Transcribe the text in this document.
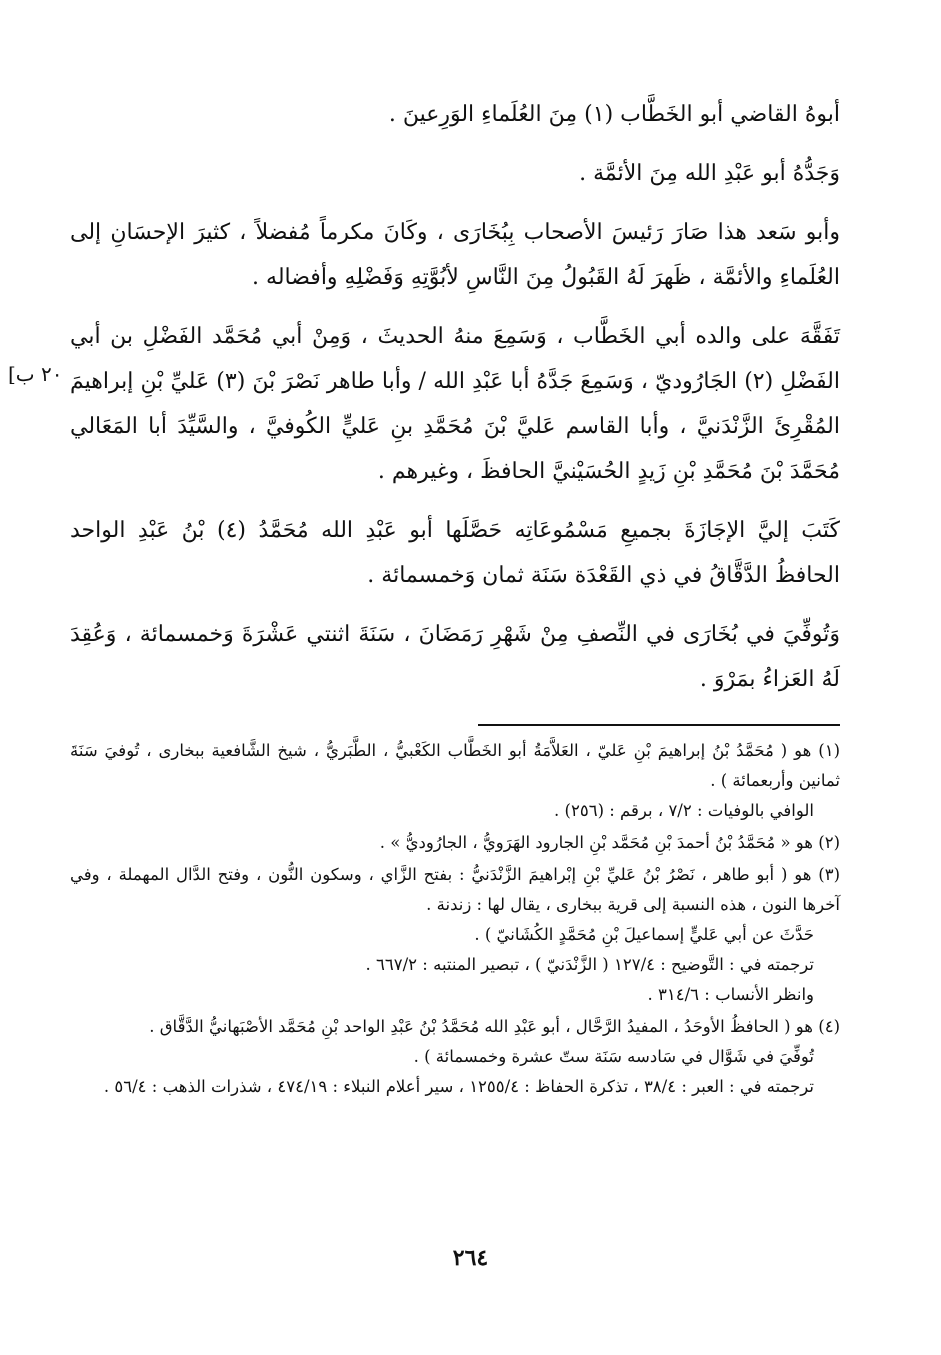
أبوهُ القاضي أبو الخَطَّاب (١) مِنَ العُلَماءِ الوَرِعينَ .

وَجَدُّهُ أبو عَبْدِ الله مِنَ الأئمَّة .

وأبو سَعد هذا صَارَ رَئيسَ الأصحاب بِبُخَارَى ، وكَانَ مكرماً مُفضلاً ، كثيرَ الإحسَانِ إلى العُلَماءِ والأئمَّة ، ظَهرَ لَهُ القَبُولُ مِنَ النَّاسِ لأبُوَّتِهِ وَفَضْلِهِ وأفضاله .

تَفَقَّهَ على والده أبي الخَطَّاب ، وَسَمِعَ منهُ الحديثَ ، وَمِنْ أبي مُحَمَّد الفَضْلِ بن أبي الفَضْلِ (٢) الجَارُوديّ ، وَسَمِعَ جَدَّهُ أبا عَبْدِ الله / وأبا طاهر نَصْرَ بْنَ (٣) عَليِّ بْنِ إبراهيمَ المُقْرِئَ الزَّنْدَنيَّ ، وأبا القاسم عَليَّ بْنَ مُحَمَّدِ بنِ عَليٍّ الكُوفيَّ ، والسَّيِّدَ أبا المَعَالي مُحَمَّدَ بْنَ مُحَمَّدِ بْنِ زَيدٍ الحُسَيْنيَّ الحافظَ ، وغيرهم .

كَتَبَ إليَّ الإجَازَةَ بجميعِ مَسْمُوعَاتِه حَصَّلَها أبو عَبْدِ الله مُحَمَّدُ (٤) بْنُ عَبْدِ الواحد الحافظُ الدَّقَّاقُ في ذي القَعْدَة سَنَة ثمان وَخمسمائة .

وَتُوفِّيَ في بُخَارَى في النِّصفِ مِنْ شَهْرِ رَمَضَانَ ، سَنَةَ اثنتي عَشْرَةَ وَخمسمائة ، وَعُقِدَ لَهُ العَزاءُ بمَرْوَ .

٢٠ ب]

(١) هو ( مُحَمَّدُ بْنُ إبراهيمَ بْنِ عَليّ ، العَلاَّمَةُ أبو الخَطَّاب الكَعْبيُّ ، الطَّبَريُّ ، شيخ الشَّافعية ببخارى ، تُوفيَ سَنَةَ ثمانين وأربعمائة ) .

الوافي بالوفيات : ٧/٢ ، برقم : (٢٥٦) .

(٢) هو « مُحَمَّدُ بْنُ أحمدَ بْنِ مُحَمَّد بْنِ الجارود الهَرَويُّ ، الجارُوديُّ » .

(٣) هو ( أبو طاهر ، نَصْرُ بْنُ عَليِّ بْنِ إبْراهيمَ الزَّنْدَنيُّ : بفتح الزَّاي ، وسكون النُّون ، وفتح الدَّال المهملة ، وفي آخرها النون ، هذه النسبة إلى قرية ببخارى ، يقال لها : زندنة .

حَدَّثَ عن أبي عَليٍّ إسماعيلَ بْنِ مُحَمَّدٍ الكُشَانيّ ) .

ترجمته في : التَّوضيح : ١٢٧/٤ ( الزَّنْدَنيّ ) ، تبصير المنتبه : ٦٦٧/٢ .

وانظر الأنساب : ٣١٤/٦ .

(٤) هو ( الحافظُ الأوحَدُ ، المفيدُ الرَّحَّال ، أبو عَبْدِ الله مُحَمَّدُ بْنُ عَبْدِ الواحد بْنِ مُحَمَّد الأصْبَهانيُّ الدَّقَّاق .

تُوفِّيَ في شَوَّال في سَادسه سَنَة ستّ عشرة وخمسمائة ) .

ترجمته في : العبر : ٣٨/٤ ، تذكرة الحفاظ : ١٢٥٥/٤ ، سير أعلام النبلاء : ٤٧٤/١٩ ، شذرات الذهب : ٥٦/٤ .

٢٦٤
